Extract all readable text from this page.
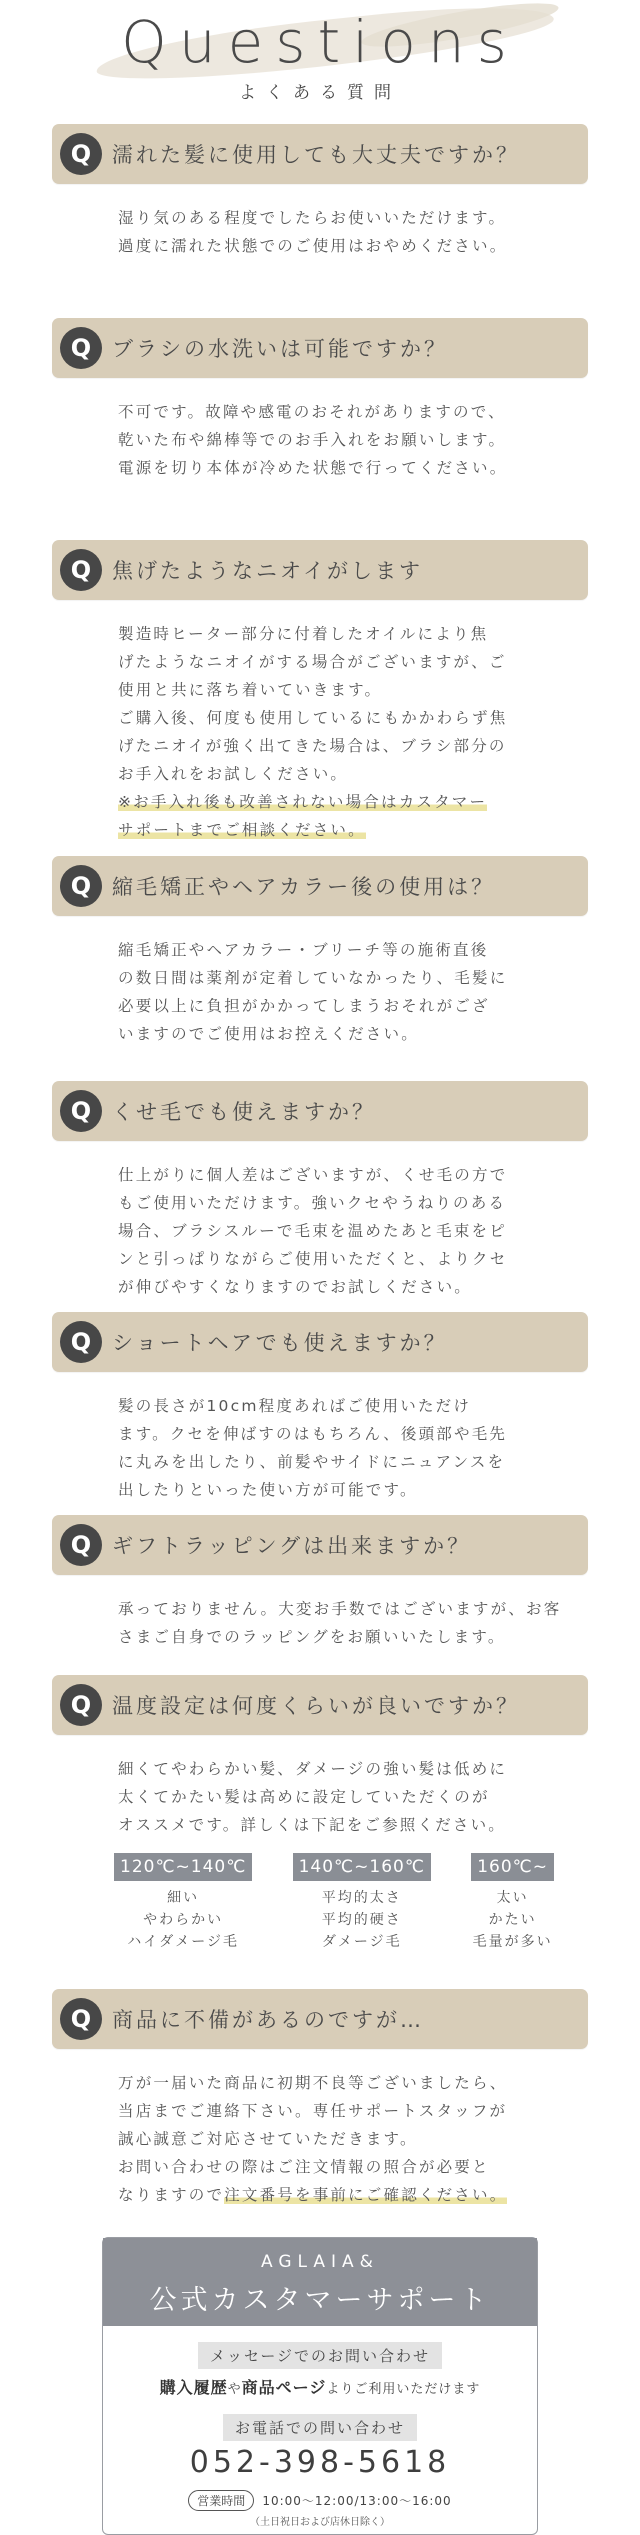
Questions
よくある質問
Q 濡れた髪に使用しても大丈夫ですか？

湿り気のある程度でしたらお使いいただけます。
過度に濡れた状態でのご使用はおやめください。

Q ブラシの水洗いは可能ですか？

不可です。故障や感電のおそれがありますので、
乾いた布や綿棒等でのお手入れをお願いします。
電源を切り本体が冷めた状態で行ってください。

Q 焦げたようなニオイがします

製造時ヒーター部分に付着したオイルにより焦
げたようなニオイがする場合がございますが、ご
使用と共に落ち着いていきます。
ご購入後、何度も使用しているにもかかわらず焦
げたニオイが強く出てきた場合は、ブラシ部分の
お手入れをお試しください。

※お手入れ後も改善されない場合はカスタマー
サポートまでご相談ください。
Q 縮毛矯正やヘアカラー後の使用は？

縮毛矯正やヘアカラー・ブリーチ等の施術直後
の数日間は薬剤が定着していなかったり、毛髪に
必要以上に負担がかかってしまうおそれがござ
いますのでご使用はお控えください。

Q くせ毛でも使えますか？

仕上がりに個人差はございますが、くせ毛の方で
もご使用いただけます。強いクセやうねりのある
場合、ブラシスルーで毛束を温めたあと毛束をピ
ンと引っぱりながらご使用いただくと、よりクセ
が伸びやすくなりますのでお試しください。

Q ショートヘアでも使えますか？

髪の長さが10cm程度あればご使用いただけ
ます。クセを伸ばすのはもちろん、後頭部や毛先
に丸みを出したり、前髪やサイドにニュアンスを
出したりといった使い方が可能です。

Q ギフトラッピングは出来ますか？

承っておりません。大変お手数ではございますが、お客
さまご自身でのラッピングをお願いいたします。

Q 温度設定は何度くらいが良いですか？

細くてやわらかい髪、ダメージの強い髪は低めに
太くてかたい髪は高めに設定していただくのが
オススメです。詳しくは下記をご参照ください。

120℃~140℃
細い
やわらかい
ハイダメージ毛
140℃~160℃
平均的太さ
平均的硬さ
ダメージ毛
160℃~
太い
かたい
毛量が多い
Q 商品に不備があるのですが…

万が一届いた商品に初期不良等ございましたら、
当店までご連絡下さい。専任サポートスタッフが
誠心誠意ご対応させていただきます。
お問い合わせの際はご注文情報の照合が必要と

なりますので注文番号を事前にご確認ください。
AGLAIA&
公式カスタマーサポート
メッセージでのお問い合わせ
購入履歴や商品ページよりご利用いただけます
お電話での問い合わせ
052-398-5618
営業時間	10:00～12:00/13:00～16:00
（土日祝日および店休日除く）
